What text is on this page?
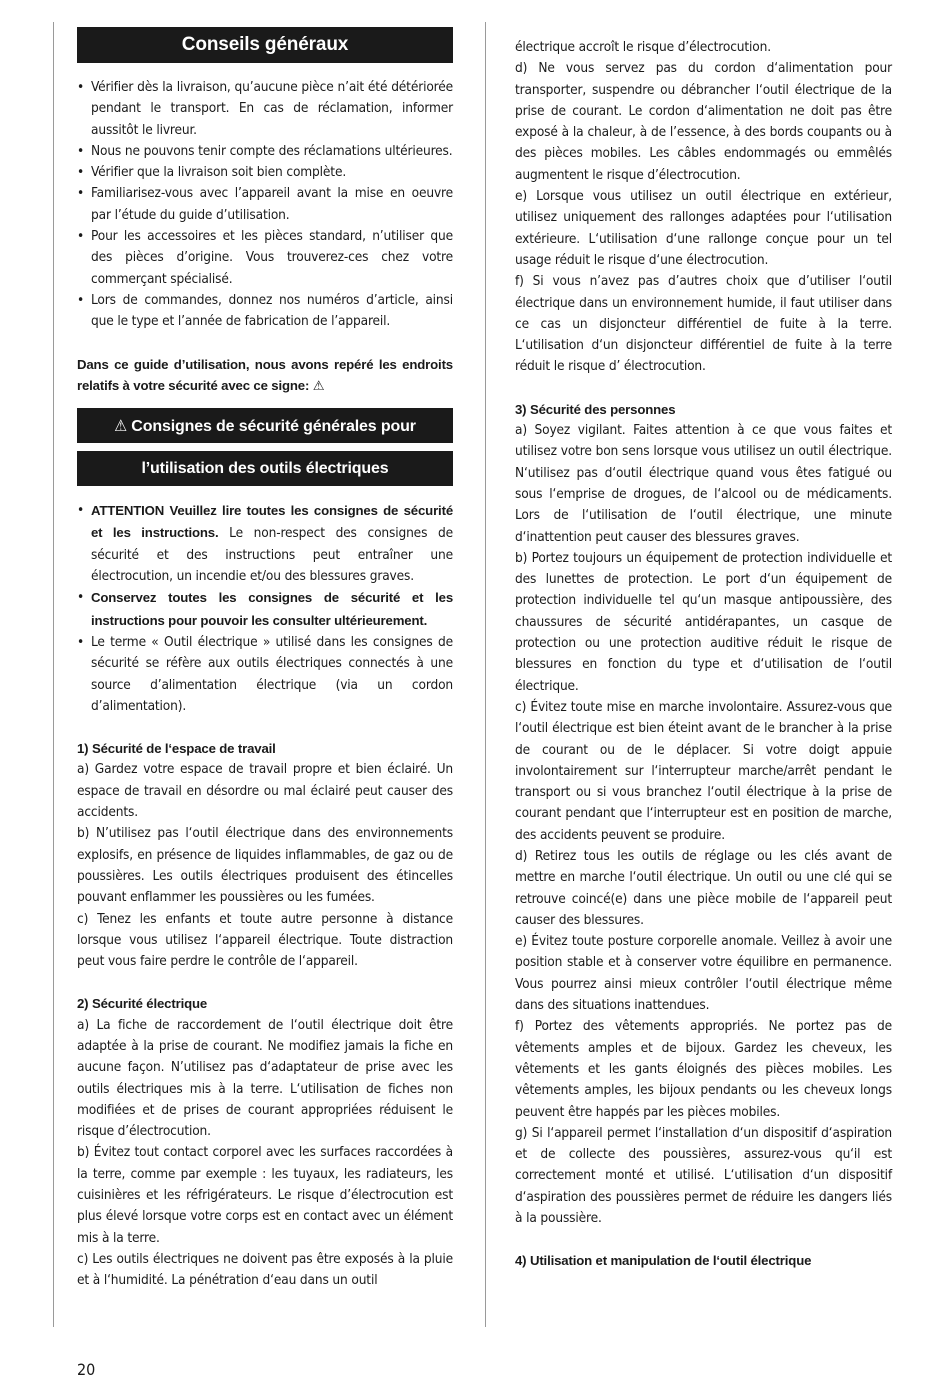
Conseils généraux
• Vérifier dès la livraison, qu’aucune pièce n’ait été détériorée pendant le transport. En cas de réclamation, informer aussitôt le livreur.
• Nous ne pouvons tenir compte des réclamations ultérieures.
• Vérifier que la livraison soit bien complète.
• Familiarisez-vous avec l’appareil avant la mise en oeuvre par l’étude du guide d’utilisation.
• Pour les accessoires et les pièces standard, n’utiliser que des pièces d’origine. Vous trouverez-ces chez votre commerçant spécialisé.
• Lors de commandes, donnez nos numéros d’article, ainsi que le type et l’année de fabrication de l’appareil.

Dans ce guide d’utilisation, nous avons repéré les endroits relatifs à votre sécurité avec ce signe: ⚠

⚠ Consignes de sécurité générales pour
l’utilisation des outils électriques
• ATTENTION Veuillez lire toutes les consignes de sécurité et les instructions. Le non-respect des consignes de sécurité et des instructions peut entraîner une électrocution, un incendie et/ou des blessures graves.
• Conservez toutes les consignes de sécurité et les instructions pour pouvoir les consulter ultérieurement.
• Le terme « Outil électrique » utilisé dans les consignes de sécurité se réfère aux outils électriques connectés à une source d’alimentation électrique (via un cordon d’alimentation).

1) Sécurité de l‘espace de travail

a) Gardez votre espace de travail propre et bien éclairé. Un espace de travail en désordre ou mal éclairé peut causer des accidents.

b) N’utilisez pas l‘outil électrique dans des environnements explosifs, en présence de liquides inflammables, de gaz ou de poussières. Les outils électriques produisent des étincelles pouvant enflammer les poussières ou les fumées.

c) Tenez les enfants et toute autre personne à distance lorsque vous utilisez l‘appareil électrique. Toute distraction peut vous faire perdre le contrôle de l‘appareil.

2) Sécurité électrique

a) La fiche de raccordement de l‘outil électrique doit être adaptée à la prise de courant. Ne modifiez jamais la fiche en aucune façon. N’utilisez pas d‘adaptateur de prise avec les outils électriques mis à la terre. L‘utilisation de fiches non modifiées et de prises de courant appropriées réduisent le risque d’électrocution.

b) Évitez tout contact corporel avec les surfaces raccordées à la terre, comme par exemple : les tuyaux, les radiateurs, les cuisinières et les réfrigérateurs. Le risque d’électrocution est plus élevé lorsque votre corps est en contact avec un élément mis à la terre.

c) Les outils électriques ne doivent pas être exposés à la pluie et à l‘humidité. La pénétration d‘eau dans un outil

électrique accroît le risque d’électrocution.

d) Ne vous servez pas du cordon d‘alimentation pour transporter, suspendre ou débrancher l‘outil électrique de la prise de courant. Le cordon d‘alimentation ne doit pas être exposé à la chaleur, à de l’essence, à des bords coupants ou à des pièces mobiles. Les câbles endommagés ou emmêlés augmentent le risque d’électrocution.

e) Lorsque vous utilisez un outil électrique en extérieur, utilisez uniquement des rallonges adaptées pour l‘utilisation extérieure. L‘utilisation d‘une rallonge conçue pour un tel usage réduit le risque d‘une électrocution.

f) Si vous n’avez pas d’autres choix que d’utiliser l‘outil électrique dans un environnement humide, il faut utiliser dans ce cas un disjoncteur différentiel de fuite à la terre. L‘utilisation d‘un disjoncteur différentiel de fuite à la terre réduit le risque d’ électrocution.

3) Sécurité des personnes

a) Soyez vigilant. Faites attention à ce que vous faites et utilisez votre bon sens lorsque vous utilisez un outil électrique. N‘utilisez pas d‘outil électrique quand vous êtes fatigué ou sous l‘emprise de drogues, de l‘alcool ou de médicaments. Lors de l‘utilisation de l‘outil électrique, une minute d‘inattention peut causer des blessures graves.

b) Portez toujours un équipement de protection individuelle et des lunettes de protection. Le port d‘un équipement de protection individuelle tel qu‘un masque antipoussière, des chaussures de sécurité antidérapantes, un casque de protection ou une protection auditive réduit le risque de blessures en fonction du type et d‘utilisation de l‘outil électrique.

c) Évitez toute mise en marche involontaire. Assurez-vous que l‘outil électrique est bien éteint avant de le brancher à la prise de courant ou de le déplacer. Si votre doigt appuie involontairement sur l‘interrupteur marche/arrêt pendant le transport ou si vous branchez l‘outil électrique à la prise de courant pendant que l‘interrupteur est en position de marche, des accidents peuvent se produire.

d) Retirez tous les outils de réglage ou les clés avant de mettre en marche l‘outil électrique. Un outil ou une clé qui se retrouve coincé(e) dans une pièce mobile de l‘appareil peut causer des blessures.

e) Évitez toute posture corporelle anomale. Veillez à avoir une position stable et à conserver votre équilibre en permanence. Vous pourrez ainsi mieux contrôler l‘outil électrique même dans des situations inattendues.

f) Portez des vêtements appropriés. Ne portez pas de vêtements amples et de bijoux. Gardez les cheveux, les vêtements et les gants éloignés des pièces mobiles. Les vêtements amples, les bijoux pendants ou les cheveux longs peuvent être happés par les pièces mobiles.

g) Si l‘appareil permet l‘installation d‘un dispositif d‘aspiration et de collecte des poussières, assurez-vous qu‘il est correctement monté et utilisé. L‘utilisation d‘un dispositif d‘aspiration des poussières permet de réduire les dangers liés à la poussière.

4) Utilisation et manipulation de l‘outil électrique

20
